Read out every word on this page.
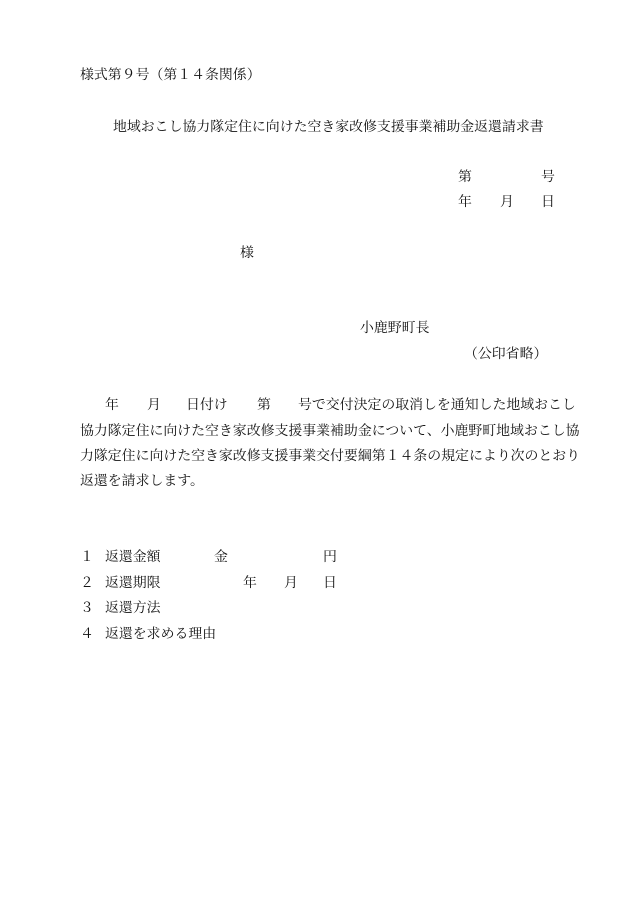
様式第９号（第１４条関係）
地域おこし協力隊定住に向けた空き家改修支援事業補助金返還請求書
第	号
年 月 日
様
小鹿野町長
（公印省略）
年 月 日付け 第 号で交付決定の取消しを通知した地域おこし
協力隊定住に向けた空き家改修支援事業補助金について、小鹿野町地域おこし協
力隊定住に向けた空き家改修支援事業交付要綱第１４条の規定により次のとおり
返還を請求します。
１ 返還金額	金	円
２ 返還期限	年 月 日
３ 返還方法
４ 返還を求める理由
